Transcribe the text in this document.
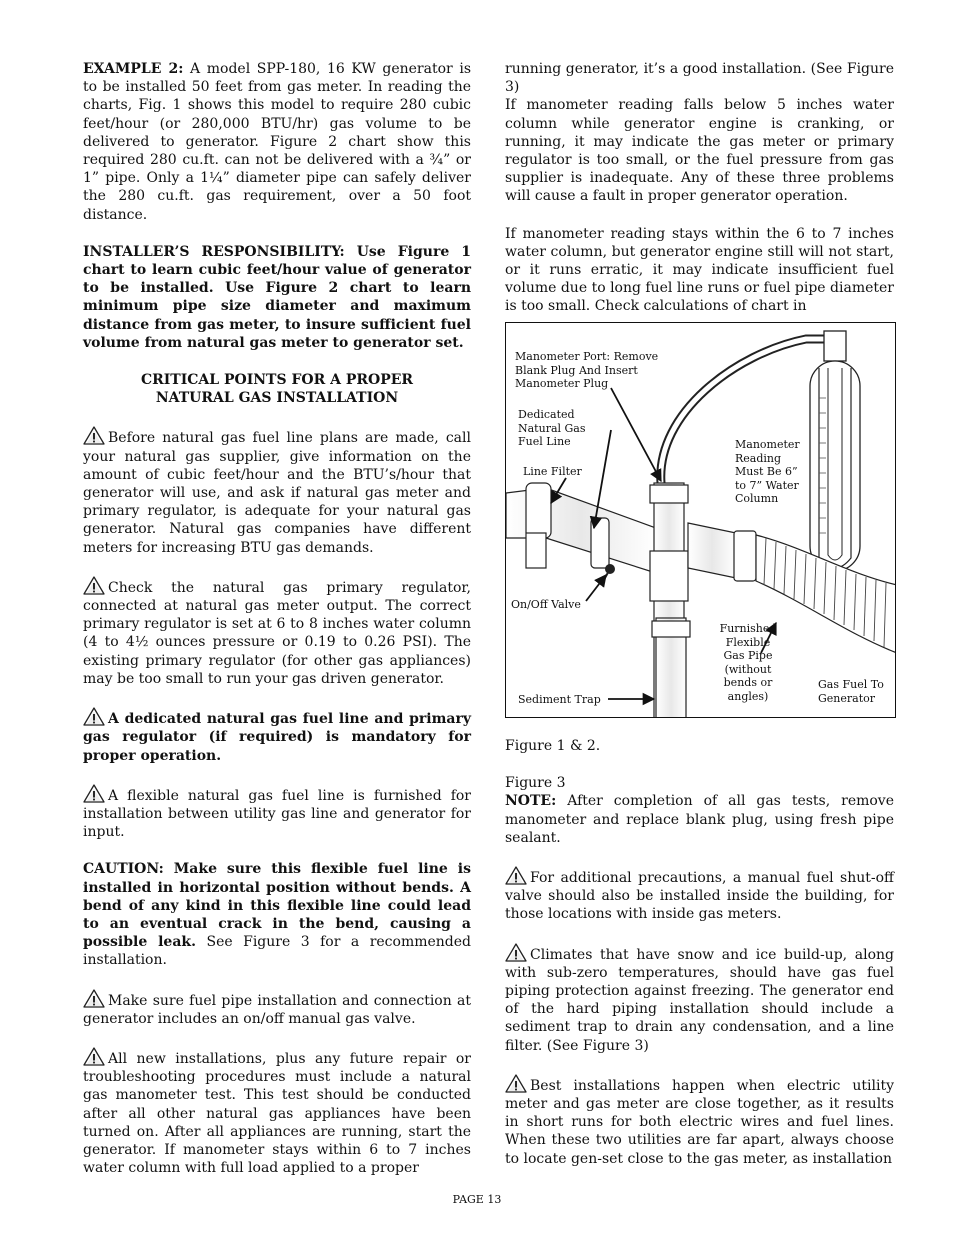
EXAMPLE 2: A model SPP-180, 16 KW generator is to be installed 50 feet from gas meter. In reading the charts, Fig. 1 shows this model to require 280 cubic feet/hour (or 280,000 BTU/hr) gas volume to be delivered to generator. Figure 2 chart show this required 280 cu.ft. can not be delivered with a ¾” or 1” pipe. Only a 1¼” diameter pipe can safely deliver the 280 cu.ft. gas requirement, over a 50 foot distance.

INSTALLER’S RESPONSIBILITY: Use Figure 1 chart to learn cubic feet/hour value of generator to be installed. Use Figure 2 chart to learn minimum pipe size diameter and maximum distance from gas meter, to insure sufficient fuel volume from natural gas meter to generator set.

CRITICAL POINTS FOR A PROPER
NATURAL GAS INSTALLATION

Before natural gas fuel line plans are made, call your natural gas supplier, give information on the amount of cubic feet/hour and the BTU’s/hour that generator will use, and ask if natural gas meter and primary regulator, is adequate for your natural gas generator. Natural gas companies have different meters for increasing BTU gas demands.

Check the natural gas primary regulator, connected at natural gas meter output. The correct primary regulator is set at 6 to 8 inches water column (4 to 4½ ounces pressure or 0.19 to 0.26 PSI). The existing primary regulator (for other gas appliances) may be too small to run your gas driven generator.

A dedicated natural gas fuel line and primary gas regulator (if required) is mandatory for proper operation.

A flexible natural gas fuel line is furnished for installation between utility gas line and generator for input.

CAUTION: Make sure this flexible fuel line is installed in horizontal position without bends. A bend of any kind in this flexible line could lead to an eventual crack in the bend, causing a possible leak. See Figure 3 for a recommended installation.

Make sure fuel pipe installation and connection at generator includes an on/off manual gas valve.

All new installations, plus any future repair or troubleshooting procedures must include a natural gas manometer test. This test should be conducted after all other natural gas appliances have been turned on. After all appliances are running, start the generator. If manometer stays within 6 to 7 inches water column with full load applied to a proper

running generator, it’s a good installation. (See Figure 3)

If manometer reading falls below 5 inches water column while generator engine is cranking, or running, it may indicate the gas meter or primary regulator is too small, or the fuel pressure from gas supplier is inadequate. Any of these three problems will cause a fault in proper generator operation.

If manometer reading stays within the 6 to 7 inches water column, but generator engine still will not start, or it runs erratic, it may indicate insufficient fuel volume due to long fuel line runs or fuel pipe diameter is too small. Check calculations of chart in

Manometer Port: Remove
Blank Plug And Insert
Manometer Plug
Dedicated
Natural Gas
Fuel Line
Line Filter
Manometer
Reading
Must Be 6”
to 7” Water
Column
On/Off Valve
Furnished
Flexible
Gas Pipe
(without
bends or
angles)
Gas Fuel To
Generator
Sediment Trap

Figure 1 & 2.

Figure 3

NOTE: After completion of all gas tests, remove manometer and replace blank plug, using fresh pipe sealant.

For additional precautions, a manual fuel shut-off valve should also be installed inside the building, for those locations with inside gas meters.

Climates that have snow and ice build-up, along with sub-zero temperatures, should have gas fuel piping protection against freezing. The generator end of the hard piping installation should include a sediment trap to drain any condensation, and a line filter. (See Figure 3)

Best installations happen when electric utility meter and gas meter are close together, as it results in short runs for both electric wires and fuel lines. When these two utilities are far apart, always choose to locate gen-set close to the gas meter, as installation

PAGE 13
